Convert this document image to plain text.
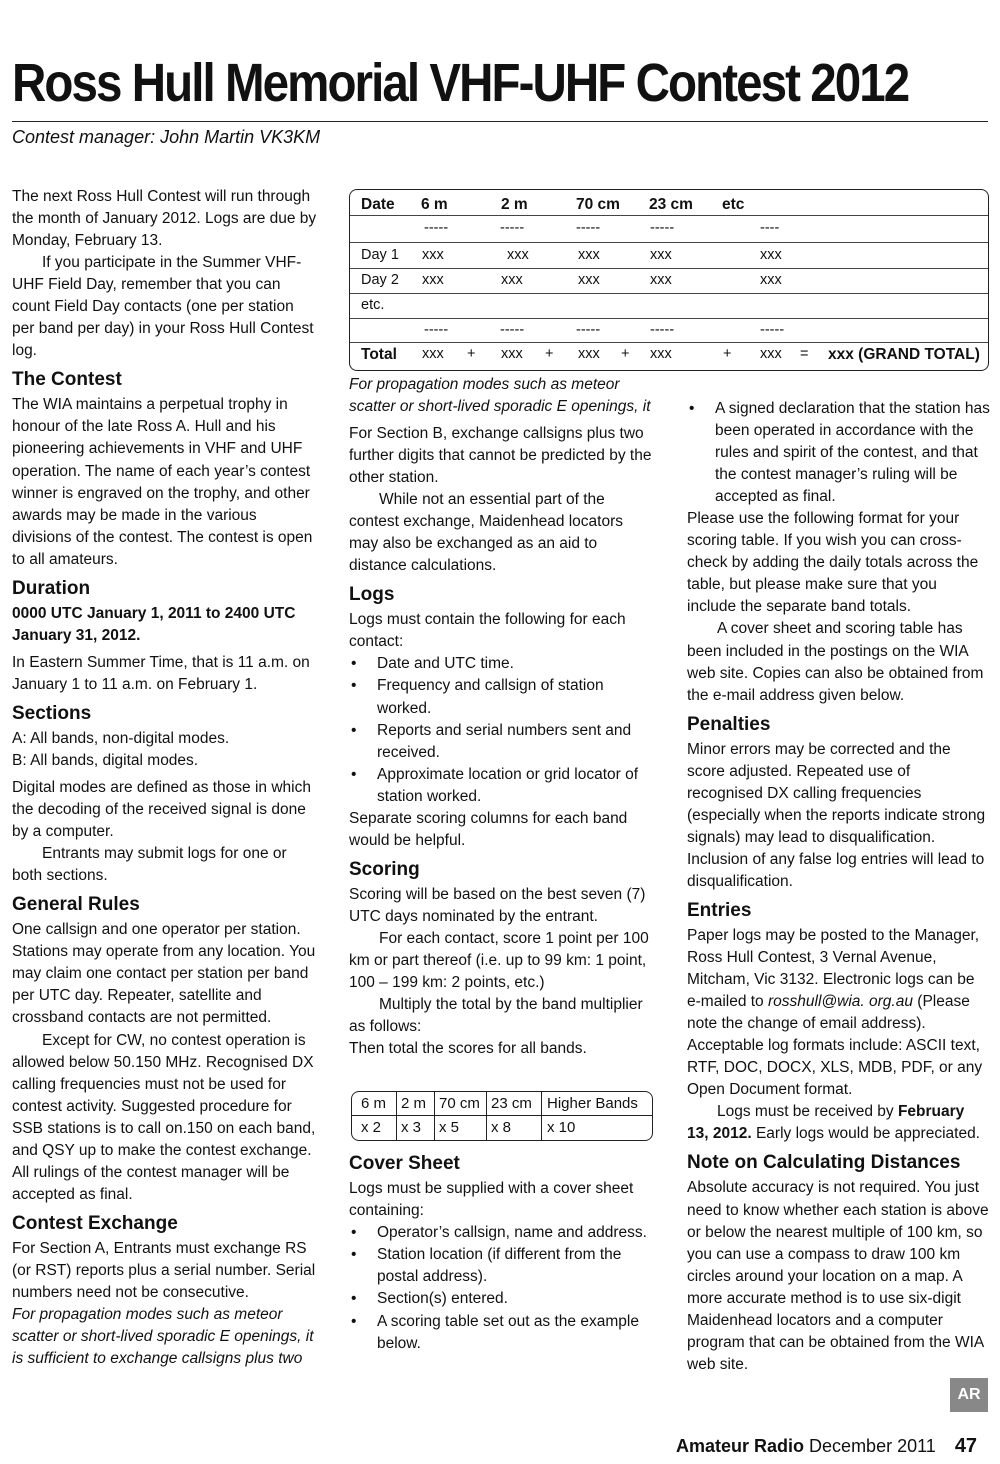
Ross Hull Memorial VHF-UHF Contest 2012
Contest manager: John Martin VK3KM

The next Ross Hull Contest will run through the month of January 2012. Logs are due by Monday, February 13.

If you participate in the Summer VHF-UHF Field Day, remember that you can count Field Day contacts (one per station per band per day) in your Ross Hull Contest log.

The Contest

The WIA maintains a perpetual trophy in honour of the late Ross A. Hull and his pioneering achievements in VHF and UHF operation. The name of each year’s contest winner is engraved on the trophy, and other awards may be made in the various divisions of the contest. The contest is open to all amateurs.

Duration

0000 UTC January 1, 2011 to 2400 UTC January 31, 2012.

In Eastern Summer Time, that is 11 a.m. on January 1 to 11 a.m. on February 1.

Sections

A: All bands, non-digital modes.

B: All bands, digital modes.

Digital modes are defined as those in which the decoding of the received signal is done by a computer.

Entrants may submit logs for one or both sections.

General Rules

One callsign and one operator per station. Stations may operate from any location. You may claim one contact per station per band per UTC day. Repeater, satellite and crossband contacts are not permitted.

Except for CW, no contest operation is allowed below 50.150 MHz. Recognised DX calling frequencies must not be used for contest activity. Suggested procedure for SSB stations is to call on.150 on each band, and QSY up to make the contest exchange. All rulings of the contest manager will be accepted as final.

Contest Exchange

For Section A, Entrants must exchange RS (or RST) reports plus a serial number. Serial numbers need not be consecutive.

For propagation modes such as meteor scatter or short-lived sporadic E openings, it is sufficient to exchange callsigns plus two

Date 6 m	2 m	70 cm 23 cm etc
-----	-----	-----	-----	----
Day 1 xxx	xxx	xxx	xxx	xxx
Day 2 xxx	xxx	xxx	xxx	xxx
etc.
-----	-----	-----	-----	-----
Total xxx + xxx + xxx + xxx	+ xxx = xxx (GRAND TOTAL)

For propagation modes such as meteor scatter or short-lived sporadic E openings, it

For Section B, exchange callsigns plus two further digits that cannot be predicted by the other station.

While not an essential part of the contest exchange, Maidenhead locators may also be exchanged as an aid to distance calculations.

Logs

Logs must contain the following for each contact:

• Date and UTC time.
• Frequency and callsign of station worked.
• Reports and serial numbers sent and received.
• Approximate location or grid locator of station worked.

Separate scoring columns for each band would be helpful.

Scoring

Scoring will be based on the best seven (7) UTC days nominated by the entrant.

For each contact, score 1 point per 100 km or part thereof (i.e. up to 99 km: 1 point, 100 – 199 km: 2 points, etc.)

Multiply the total by the band multiplier as follows:

Then total the scores for all bands.

Cover Sheet

Logs must be supplied with a cover sheet containing:

• Operator’s callsign, name and address.
• Station location (if different from the postal address).
• Section(s) entered.
• A scoring table set out as the example below.
6 m 2 m 70 cm 23 cm Higher Bands
x 2 x 3 x 5 x 8 x 10
• A signed declaration that the station has been operated in accordance with the rules and spirit of the contest, and that the contest manager’s ruling will be accepted as final.

Please use the following format for your scoring table. If you wish you can cross-check by adding the daily totals across the table, but please make sure that you include the separate band totals.

A cover sheet and scoring table has been included in the postings on the WIA web site. Copies can also be obtained from the e-mail address given below.

Penalties

Minor errors may be corrected and the score adjusted. Repeated use of recognised DX calling frequencies (especially when the reports indicate strong signals) may lead to disqualification. Inclusion of any false log entries will lead to disqualification.

Entries

Paper logs may be posted to the Manager, Ross Hull Contest, 3 Vernal Avenue, Mitcham, Vic 3132. Electronic logs can be e-mailed to rosshull@wia. org.au (Please note the change of email address). Acceptable log formats include: ASCII text, RTF, DOC, DOCX, XLS, MDB, PDF, or any Open Document format.

Logs must be received by February 13, 2012. Early logs would be appreciated.

Note on Calculating Distances

Absolute accuracy is not required. You just need to know whether each station is above or below the nearest multiple of 100 km, so you can use a compass to draw 100 km circles around your location on a map. A more accurate method is to use six-digit Maidenhead locators and a computer program that can be obtained from the WIA web site.

AR
Amateur Radio December 2011 47
